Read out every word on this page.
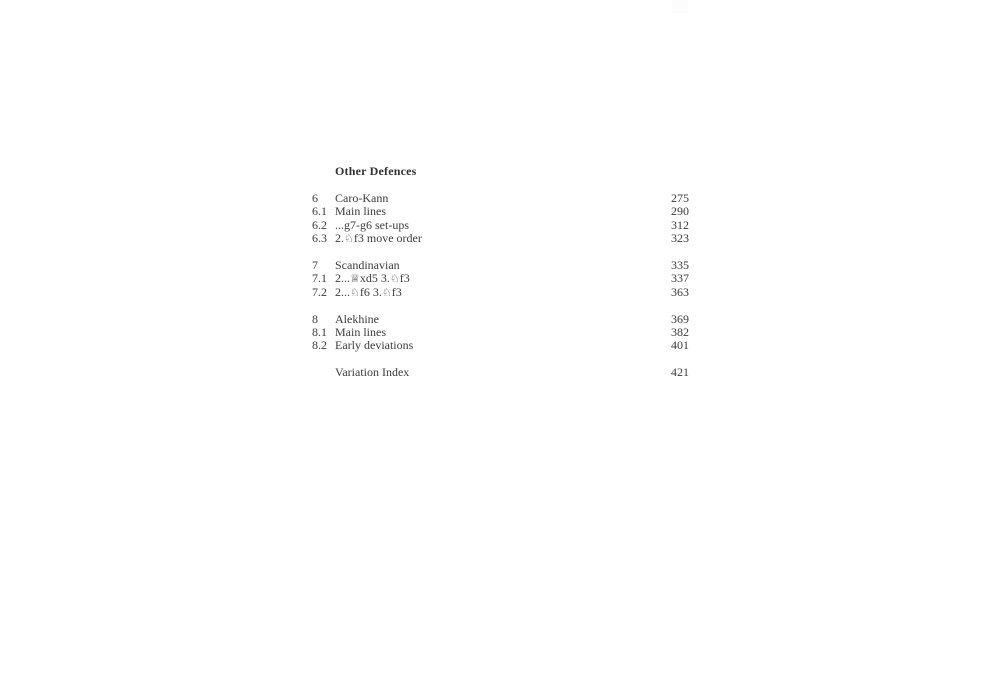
Other Defences
6	Caro-Kann	275
6.1 Main lines	290
6.2 ...g7-g6 set-ups	312
6.3 2.♘f3 move order	323
7	Scandinavian	335
7.1 2...♕xd5 3.♘f3	337
7.2 2...♘f6 3.♘f3	363
8	Alekhine	369
8.1 Main lines	382
8.2 Early deviations	401
Variation Index	421
